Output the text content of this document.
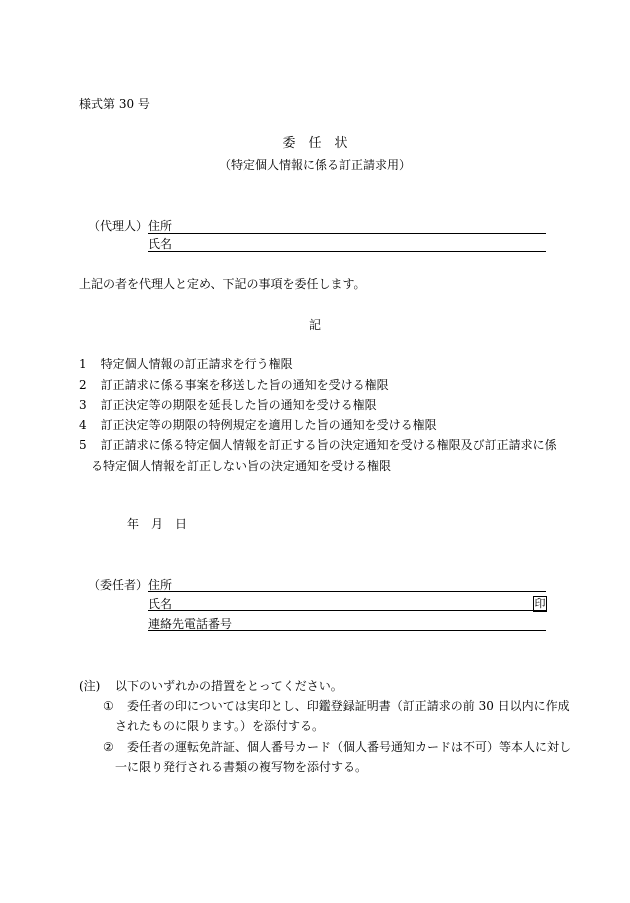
様式第 30 号
委　任　状
（特定個人情報に係る訂正請求用）
（代理人） 住所
氏名
上記の者を代理人と定め、下記の事項を委任します。
記
1 特定個人情報の訂正請求を行う権限
2 訂正請求に係る事案を移送した旨の通知を受ける権限
3 訂正決定等の期限を延長した旨の通知を受ける権限
4 訂正決定等の期限の特例規定を適用した旨の通知を受ける権限
5 訂正請求に係る特定個人情報を訂正する旨の決定通知を受ける権限及び訂正請求に係
る特定個人情報を訂正しない旨の決定通知を受ける権限
年　月　日
（委任者） 住所
氏名	印
連絡先電話番号
(注) 以下のいずれかの措置をとってください。
① 委任者の印については実印とし、印鑑登録証明書（訂正請求の前 30 日以内に作成
されたものに限ります。）を添付する。
② 委任者の運転免許証、個人番号カード（個人番号通知カードは不可）等本人に対し
一に限り発行される書類の複写物を添付する。
